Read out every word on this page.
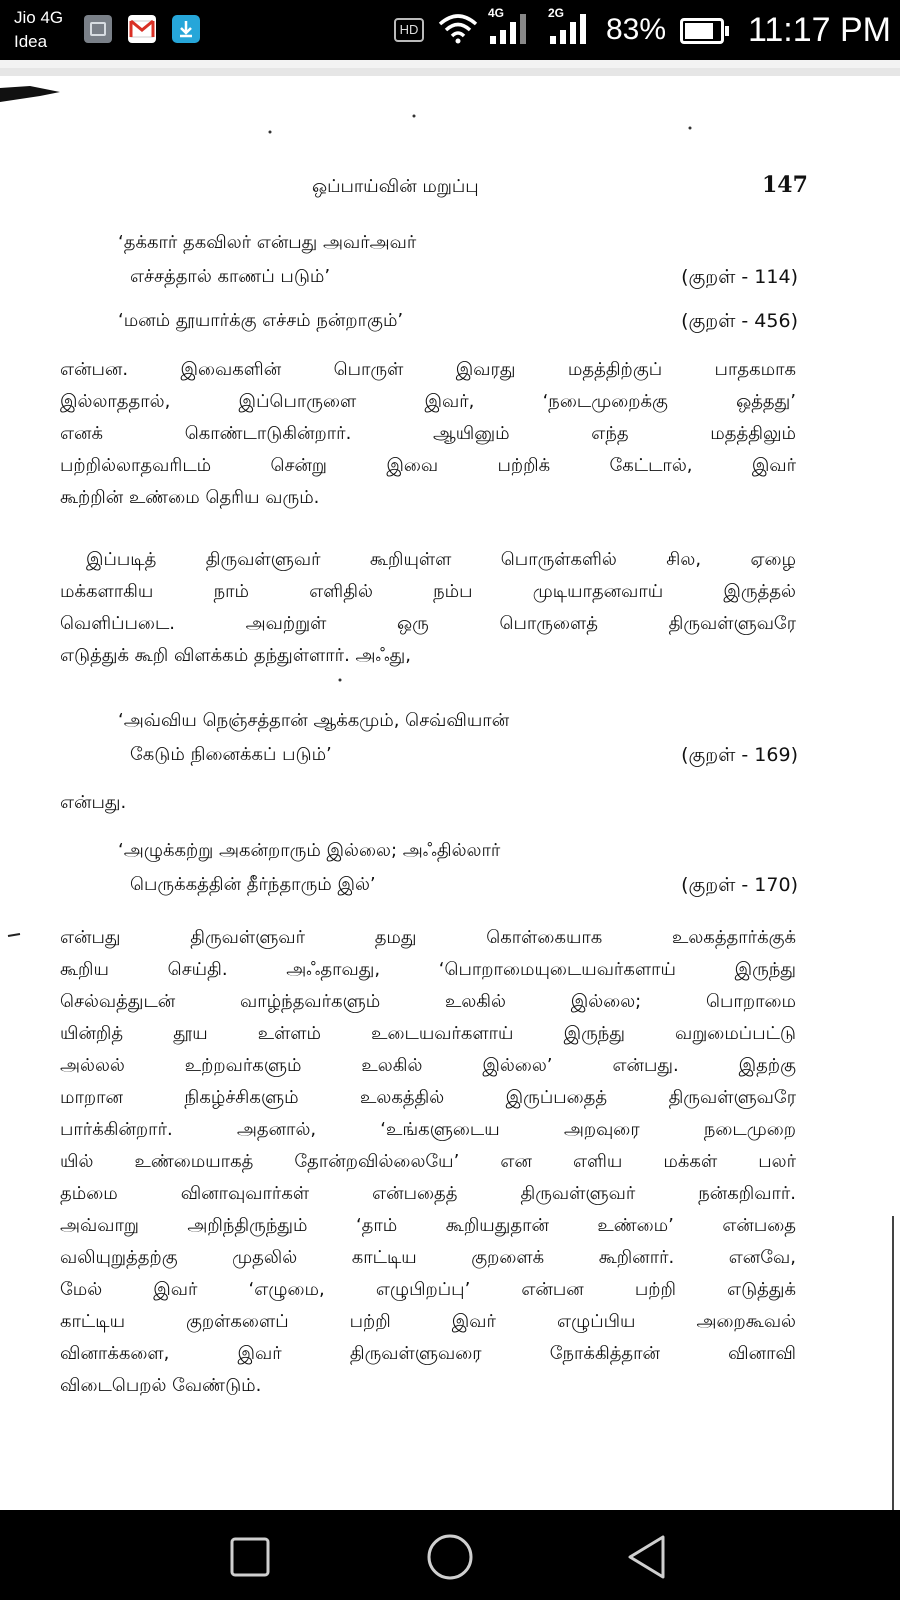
Jio 4G
Idea
HD
4G	2G 83% 11:17 PM
ஒப்பாய்வின் மறுப்பு	147
‘தக்கார் தகவிலர் என்பது அவர்அவர்
எச்சத்தால் காணப் படும்’	(குறள் - 114)
‘மனம் தூயார்க்கு எச்சம் நன்றாகும்’	(குறள் - 456)
என்பன. இவைகளின் பொருள் இவரது மதத்திற்குப் பாதகமாக
இல்லாததால், இப்பொருளை இவர், ‘நடைமுறைக்கு ஒத்தது’
எனக் கொண்டாடுகின்றார். ஆயினும் எந்த மதத்திலும்
பற்றில்லாதவரிடம் சென்று இவை பற்றிக் கேட்டால், இவர்
கூற்றின் உண்மை தெரிய வரும்.
இப்படித் திருவள்ளுவர் கூறியுள்ள பொருள்களில் சில, ஏழை
மக்களாகிய நாம் எளிதில் நம்ப முடியாதனவாய் இருத்தல்
வெளிப்படை. அவற்றுள் ஒரு பொருளைத் திருவள்ளுவரே
எடுத்துக் கூறி விளக்கம் தந்துள்ளார். அஃது,
‘அவ்விய நெஞ்சத்தான் ஆக்கமும், செவ்வியான்
கேடும் நினைக்கப் படும்’	(குறள் - 169)
என்பது.
‘அழுக்கற்று அகன்றாரும் இல்லை; அஃதில்லார்
பெருக்கத்தின் தீர்ந்தாரும் இல்’	(குறள் - 170)
என்பது திருவள்ளுவர் தமது கொள்கையாக உலகத்தார்க்குக்
கூறிய செய்தி. அஃதாவது, ‘பொறாமையுடையவர்களாய் இருந்து
செல்வத்துடன் வாழ்ந்தவர்களும் உலகில் இல்லை; பொறாமை
யின்றித் தூய உள்ளம் உடையவர்களாய் இருந்து வறுமைப்பட்டு
அல்லல் உற்றவர்களும் உலகில் இல்லை’ என்பது. இதற்கு
மாறான நிகழ்ச்சிகளும் உலகத்தில் இருப்பதைத் திருவள்ளுவரே
பார்க்கின்றார். அதனால், ‘உங்களுடைய அறவுரை நடைமுறை
யில் உண்மையாகத் தோன்றவில்லையே’ என எளிய மக்கள் பலர்
தம்மை வினாவுவார்கள் என்பதைத் திருவள்ளுவர் நன்கறிவார்.
அவ்வாறு அறிந்திருந்தும் ‘தாம் கூறியதுதான் உண்மை’ என்பதை
வலியுறுத்தற்கு முதலில் காட்டிய குறளைக் கூறினார். எனவே,
மேல் இவர் ‘எழுமை, எழுபிறப்பு’ என்பன பற்றி எடுத்துக்
காட்டிய குறள்களைப் பற்றி இவர் எழுப்பிய அறைகூவல்
வினாக்களை, இவர் திருவள்ளுவரை நோக்கித்தான் வினாவி
விடைபெறல் வேண்டும்.
